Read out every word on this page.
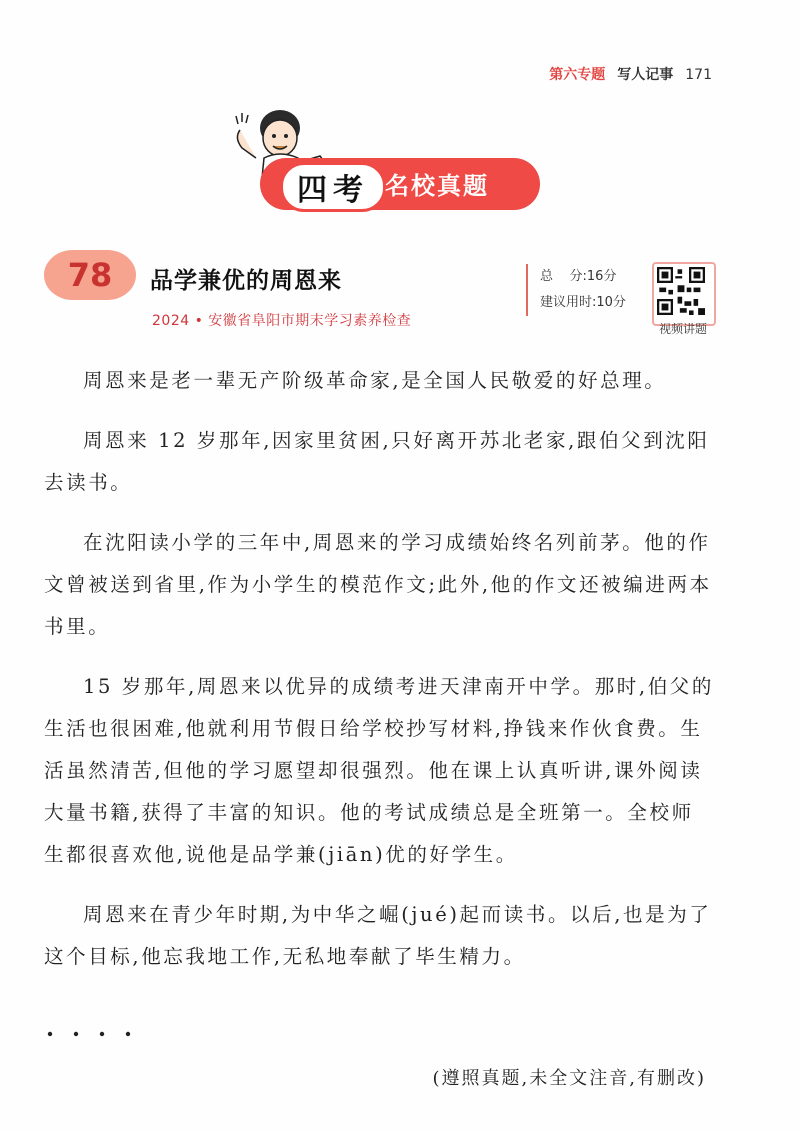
第六专题 写人记事 171
四考 名校真题
78	品学兼优的周恩来
2024 • 安徽省阜阳市期末学习素养检查
总    分:16分
建议用时:10分
视频讲题

周恩来是老一辈无产阶级革命家,是全国人民敬爱的好总理。

周恩来 12 岁那年,因家里贫困,只好离开苏北老家,跟伯父到沈阳去读书。

在沈阳读小学的三年中,周恩来的学习成绩始终名列前茅。他的作文曾被送到省里,作为小学生的模范作文;此外,他的作文还被编进两本书里。

15 岁那年,周恩来以优异的成绩考进天津南开中学。那时,伯父的生活也很困难,他就利用节假日给学校抄写材料,挣钱来作伙食费。生活虽然清苦,但他的学习愿望却很强烈。他在课上认真听讲,课外阅读大量书籍,获得了丰富的知识。他的考试成绩总是全班第一。全校师生都很喜欢他,说他是品学兼(jiān)优的好学生。

周恩来在青少年时期,为中华之崛(jué)起而读书。以后,也是为了这个目标,他忘我地工作,无私地奉献了毕生精力。

(遵照真题,未全文注音,有删改)
